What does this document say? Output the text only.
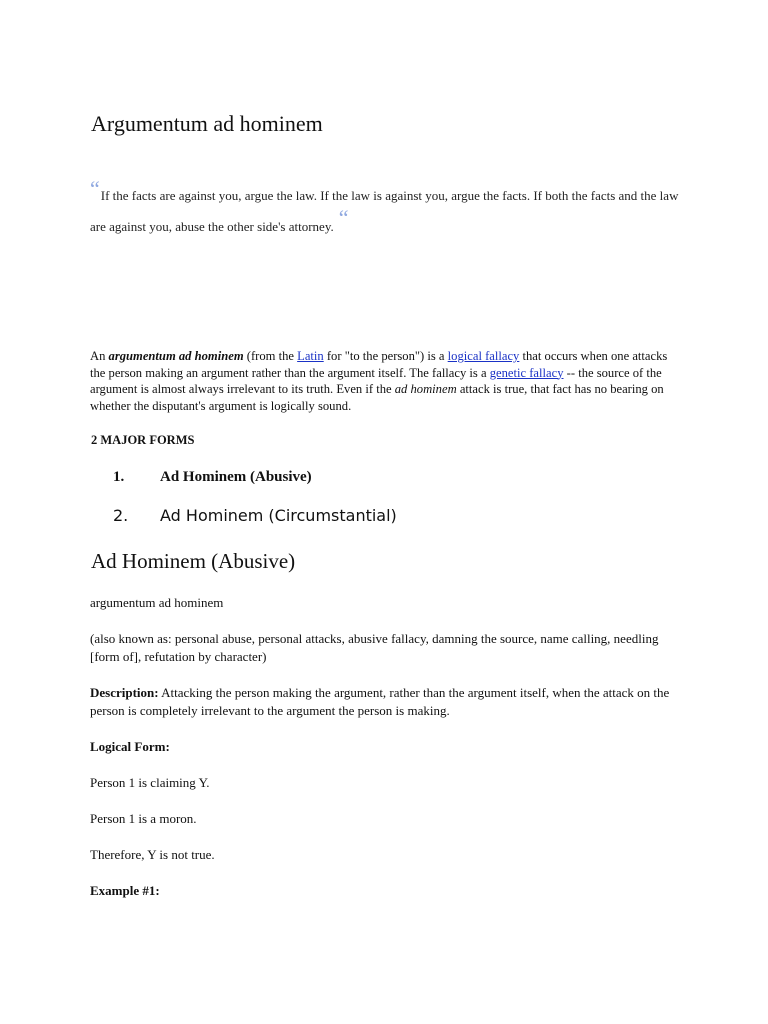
Argumentum ad hominem
“If the facts are against you, argue the law. If the law is against you, argue the facts. If both the facts and the law are against you, abuse the other side's attorney. “
An argumentum ad hominem (from the Latin for "to the person") is a logical fallacy that occurs when one attacks the person making an argument rather than the argument itself. The fallacy is a genetic fallacy -- the source of the argument is almost always irrelevant to its truth. Even if the ad hominem attack is true, that fact has no bearing on whether the disputant's argument is logically sound.
2 MAJOR FORMS
1. Ad Hominem (Abusive)
2. Ad Hominem (Circumstantial)
Ad Hominem (Abusive)
argumentum ad hominem
(also known as: personal abuse, personal attacks, abusive fallacy, damning the source, name calling, needling [form of], refutation by character)
Description: Attacking the person making the argument, rather than the argument itself, when the attack on the person is completely irrelevant to the argument the person is making.
Logical Form:
Person 1 is claiming Y.
Person 1 is a moron.
Therefore, Y is not true.
Example #1:
